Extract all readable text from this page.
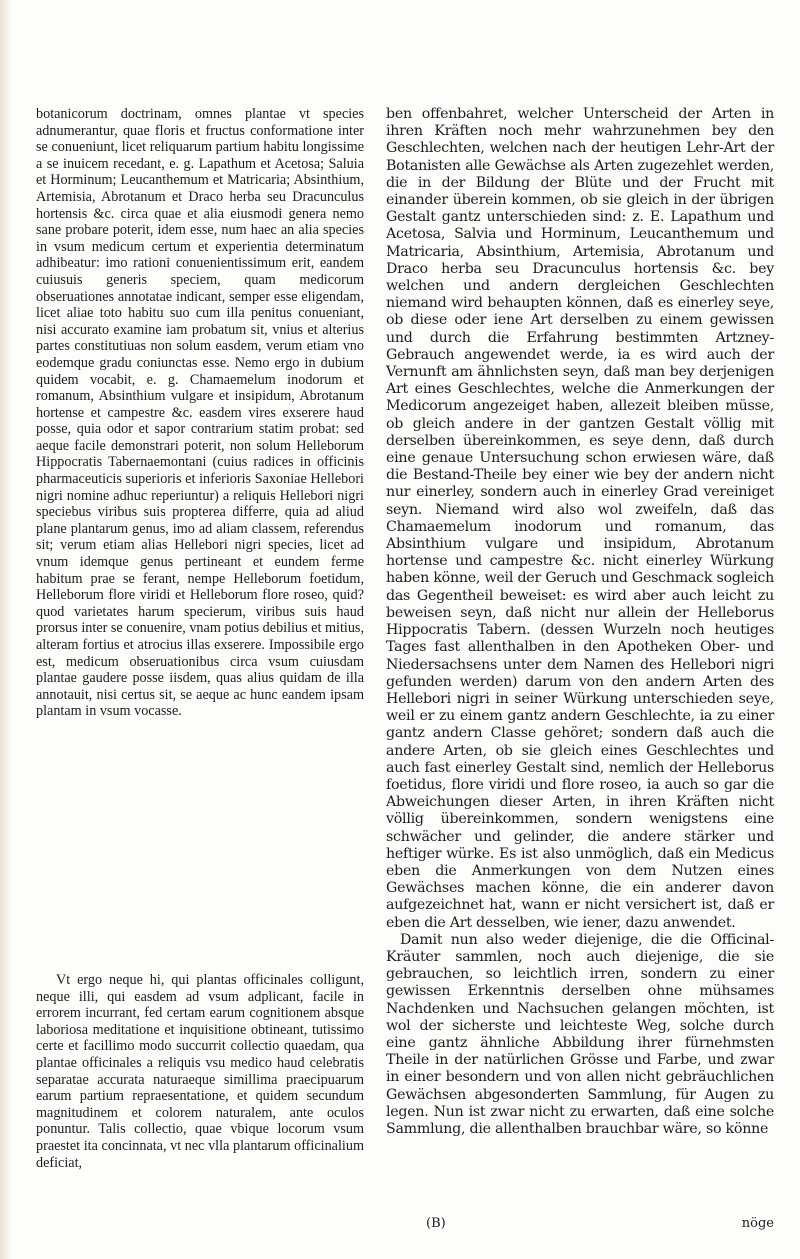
botanicorum doctrinam, omnes plantae vt species adnumerantur, quae floris et fructus conformatione inter se conueniunt, licet reliquarum partium habitu longissime a se inuicem recedant, e. g. Lapathum et Acetosa; Saluia et Horminum; Leucanthemum et Matricaria; Absinthium, Artemisia, Abrotanum et Draco herba seu Dracunculus hortensis &c. circa quae et alia eiusmodi genera nemo sane probare poterit, idem esse, num haec an alia species in vsum medicum certum et experientia determinatum adhibeatur: imo rationi conuenientissimum erit, eandem cuiusuis generis speciem, quam medicorum obseruationes annotatae indicant, semper esse eligendam, licet aliae toto habitu suo cum illa penitus conueniant, nisi accurato examine iam probatum sit, vnius et alterius partes constitutiuas non solum easdem, verum etiam vno eodemque gradu coniunctas esse. Nemo ergo in dubium quidem vocabit, e. g. Chamaemelum inodorum et romanum, Absinthium vulgare et insipidum, Abrotanum hortense et campestre &c. easdem vires exserere haud posse, quia odor et sapor contrarium statim probat: sed aeque facile demonstrari poterit, non solum Helleborum Hippocratis Tabernaemontani (cuius radices in officinis pharmaceuticis superioris et inferioris Saxoniae Hellebori nigri nomine adhuc reperiuntur) a reliquis Hellebori nigri speciebus viribus suis propterea differre, quia ad aliud plane plantarum genus, imo ad aliam classem, referendus sit; verum etiam alias Hellebori nigri species, licet ad vnum idemque genus pertineant et eundem ferme habitum prae se ferant, nempe Helleborum foetidum, Helleborum flore viridi et Helleborum flore roseo, quid? quod varietates harum specierum, viribus suis haud prorsus inter se conuenire, vnam potius debilius et mitius, alteram fortius et atrocius illas exserere. Impossibile ergo est, medicum obseruationibus circa vsum cuiusdam plantae gaudere posse iisdem, quas alius quidam de illa annotauit, nisi certus sit, se aeque ac hunc eandem ipsam plantam in vsum vocasse.

Vt ergo neque hi, qui plantas officinales colligunt, neque illi, qui easdem ad vsum adplicant, facile in errorem incurrant, fed certam earum cognitionem absque laboriosa meditatione et inquisitione obtineant, tutissimo certe et facillimo modo succurrit collectio quaedam, qua plantae officinales a reliquis vsu medico haud celebratis separatae accurata naturaeque simillima praecipuarum earum partium repraesentatione, et quidem secundum magnitudinem et colorem naturalem, ante oculos ponuntur. Talis collectio, quae vbique locorum vsum praestet ita concinnata, vt nec vlla plantarum officinalium deficiat,

ben offenbahret, welcher Unterscheid der Arten in ihren Kräften noch mehr wahrzunehmen bey den Geschlechten, welchen nach der heutigen Lehr-Art der Botanisten alle Gewächse als Arten zugezehlet werden, die in der Bildung der Blüte und der Frucht mit einander überein kommen, ob sie gleich in der übrigen Gestalt gantz unterschieden sind: z. E. Lapathum und Acetosa, Salvia und Horminum, Leucanthemum und Matricaria, Absinthium, Artemisia, Abrotanum und Draco herba seu Dracunculus hortensis &c. bey welchen und andern dergleichen Geschlechten niemand wird behaupten können, daß es einerley seye, ob diese oder iene Art derselben zu einem gewissen und durch die Erfahrung bestimmten Artzney-Gebrauch angewendet werde, ia es wird auch der Vernunft am ähnlichsten seyn, daß man bey derjenigen Art eines Geschlechtes, welche die Anmerkungen der Medicorum angezeiget haben, allezeit bleiben müsse, ob gleich andere in der gantzen Gestalt völlig mit derselben übereinkommen, es seye denn, daß durch eine genaue Untersuchung schon erwiesen wäre, daß die Bestand-Theile bey einer wie bey der andern nicht nur einerley, sondern auch in einerley Grad vereiniget seyn. Niemand wird also wol zweifeln, daß das Chamaemelum inodorum und romanum, das Absinthium vulgare und insipidum, Abrotanum hortense und campestre &c. nicht einerley Würkung haben könne, weil der Geruch und Geschmack sogleich das Gegentheil beweiset: es wird aber auch leicht zu beweisen seyn, daß nicht nur allein der Helleborus Hippocratis Tabern. (dessen Wurzeln noch heutiges Tages fast allenthalben in den Apotheken Ober- und Niedersachsens unter dem Namen des Hellebori nigri gefunden werden) darum von den andern Arten des Hellebori nigri in seiner Würkung unterschieden seye, weil er zu einem gantz andern Geschlechte, ia zu einer gantz andern Classe gehöret; sondern daß auch die andere Arten, ob sie gleich eines Geschlechtes und auch fast einerley Gestalt sind, nemlich der Helleborus foetidus, flore viridi und flore roseo, ia auch so gar die Abweichungen dieser Arten, in ihren Kräften nicht völlig übereinkommen, sondern wenigstens eine schwächer und gelinder, die andere stärker und heftiger würke. Es ist also unmöglich, daß ein Medicus eben die Anmerkungen von dem Nutzen eines Gewächses machen könne, die ein anderer davon aufgezeichnet hat, wann er nicht versichert ist, daß er eben die Art desselben, wie iener, dazu anwendet.

Damit nun also weder diejenige, die die Officinal-Kräuter sammlen, noch auch diejenige, die sie gebrauchen, so leichtlich irren, sondern zu einer gewissen Erkenntnis derselben ohne mühsames Nachdenken und Nachsuchen gelangen möchten, ist wol der sicherste und leichteste Weg, solche durch eine gantz ähnliche Abbildung ihrer fürnehmsten Theile in der natürlichen Grösse und Farbe, und zwar in einer besondern und von allen nicht gebräuchlichen Gewächsen abgesonderten Sammlung, für Augen zu legen. Nun ist zwar nicht zu erwarten, daß eine solche Sammlung, die allenthalben brauchbar wäre, so könne

(B)	nöge
